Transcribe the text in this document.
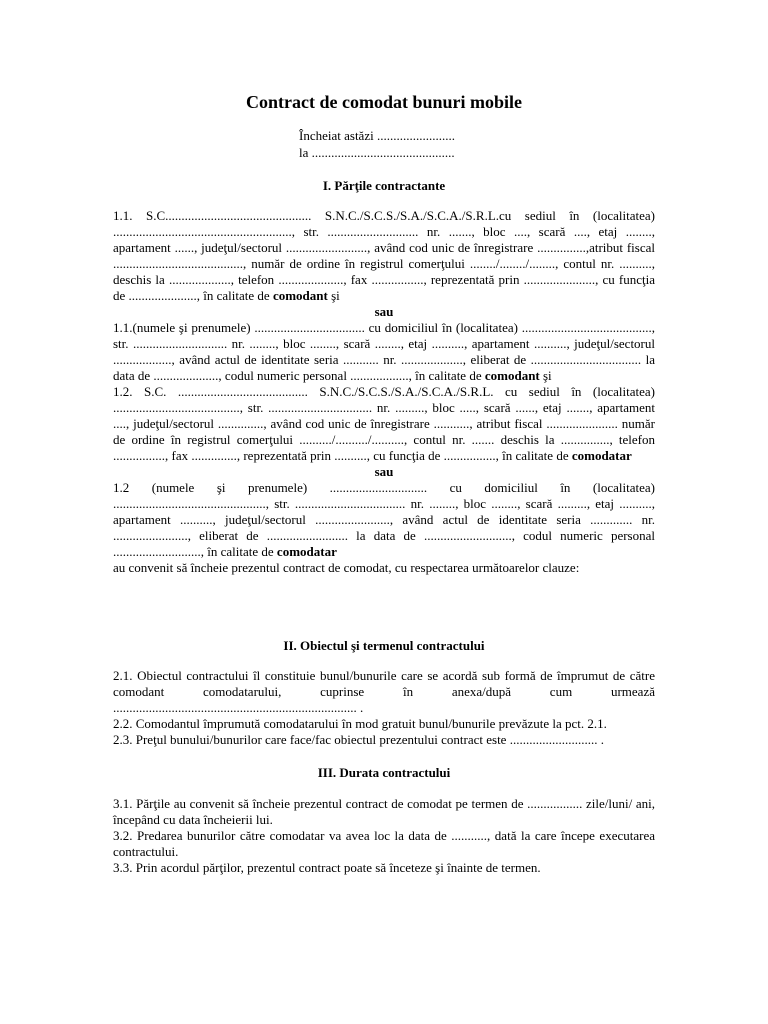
Contract de comodat bunuri mobile
Încheiat astăzi ........................
la ............................................
I. Părţile contractante

1.1. S.C............................................. S.N.C./S.C.S./S.A./S.C.A./S.R.L.cu sediul în (localitatea) ......................................................., str. ............................ nr. ......., bloc ...., scară ...., etaj ........, apartament ......, judeţul/sectorul ........................., având cod unic de înregistrare ...............,atribut fiscal ........................................, număr de ordine în registrul comerţului ......../......../........, contul nr. .........., deschis la ..................., telefon ...................., fax ................, reprezentată prin ......................, cu funcţia de ....................., în calitate de comodant şi

sau

1.1.(numele şi prenumele) .................................. cu domiciliul în (localitatea) ........................................, str. ............................. nr. ........, bloc ........, scară ........, etaj .........., apartament .........., judeţul/sectorul .................., având actul de identitate seria ........... nr. ..................., eliberat de .................................. la data de ...................., codul numeric personal .................., în calitate de comodant şi

1.2. S.C. ........................................ S.N.C./S.C.S./S.A./S.C.A./S.R.L. cu sediul în (localitatea) ......................................., str. ................................ nr. ........., bloc ....., scară ......, etaj ......., apartament ...., judeţul/sectorul .............., având cod unic de înregistrare ..........., atribut fiscal ...................... număr de ordine în registrul comerţului ........../........../.........., contul nr. ....... deschis la ..............., telefon ................, fax .............., reprezentată prin .........., cu funcţia de ................, în calitate de comodatar

sau

1.2 (numele şi prenumele) .............................. cu domiciliul în (localitatea) ..............................................., str. .................................. nr. ........, bloc ........, scară ........., etaj .........., apartament .........., judeţul/sectorul ......................., având actul de identitate seria ............. nr. ......................., eliberat de ......................... la data de ..........................., codul numeric personal ..........................., în calitate de comodatar

au convenit să încheie prezentul contract de comodat, cu respectarea următoarelor clauze:

II. Obiectul şi termenul contractului

2.1. Obiectul contractului îl constituie bunul/bunurile care se acordă sub formă de împrumut de către comodant comodatarului, cuprinse în anexa/după cum urmează ........................................................................... .

2.2. Comodantul împrumută comodatarului în mod gratuit bunul/bunurile prevăzute la pct. 2.1.

2.3. Preţul bunului/bunurilor care face/fac obiectul prezentului contract este ........................... .

III. Durata contractului

3.1. Părţile au convenit să încheie prezentul contract de comodat pe termen de ................. zile/luni/ ani, începând cu data încheierii lui.

3.2. Predarea bunurilor către comodatar va avea loc la data de ..........., dată la care începe executarea contractului.

3.3. Prin acordul părţilor, prezentul contract poate să înceteze şi înainte de termen.
